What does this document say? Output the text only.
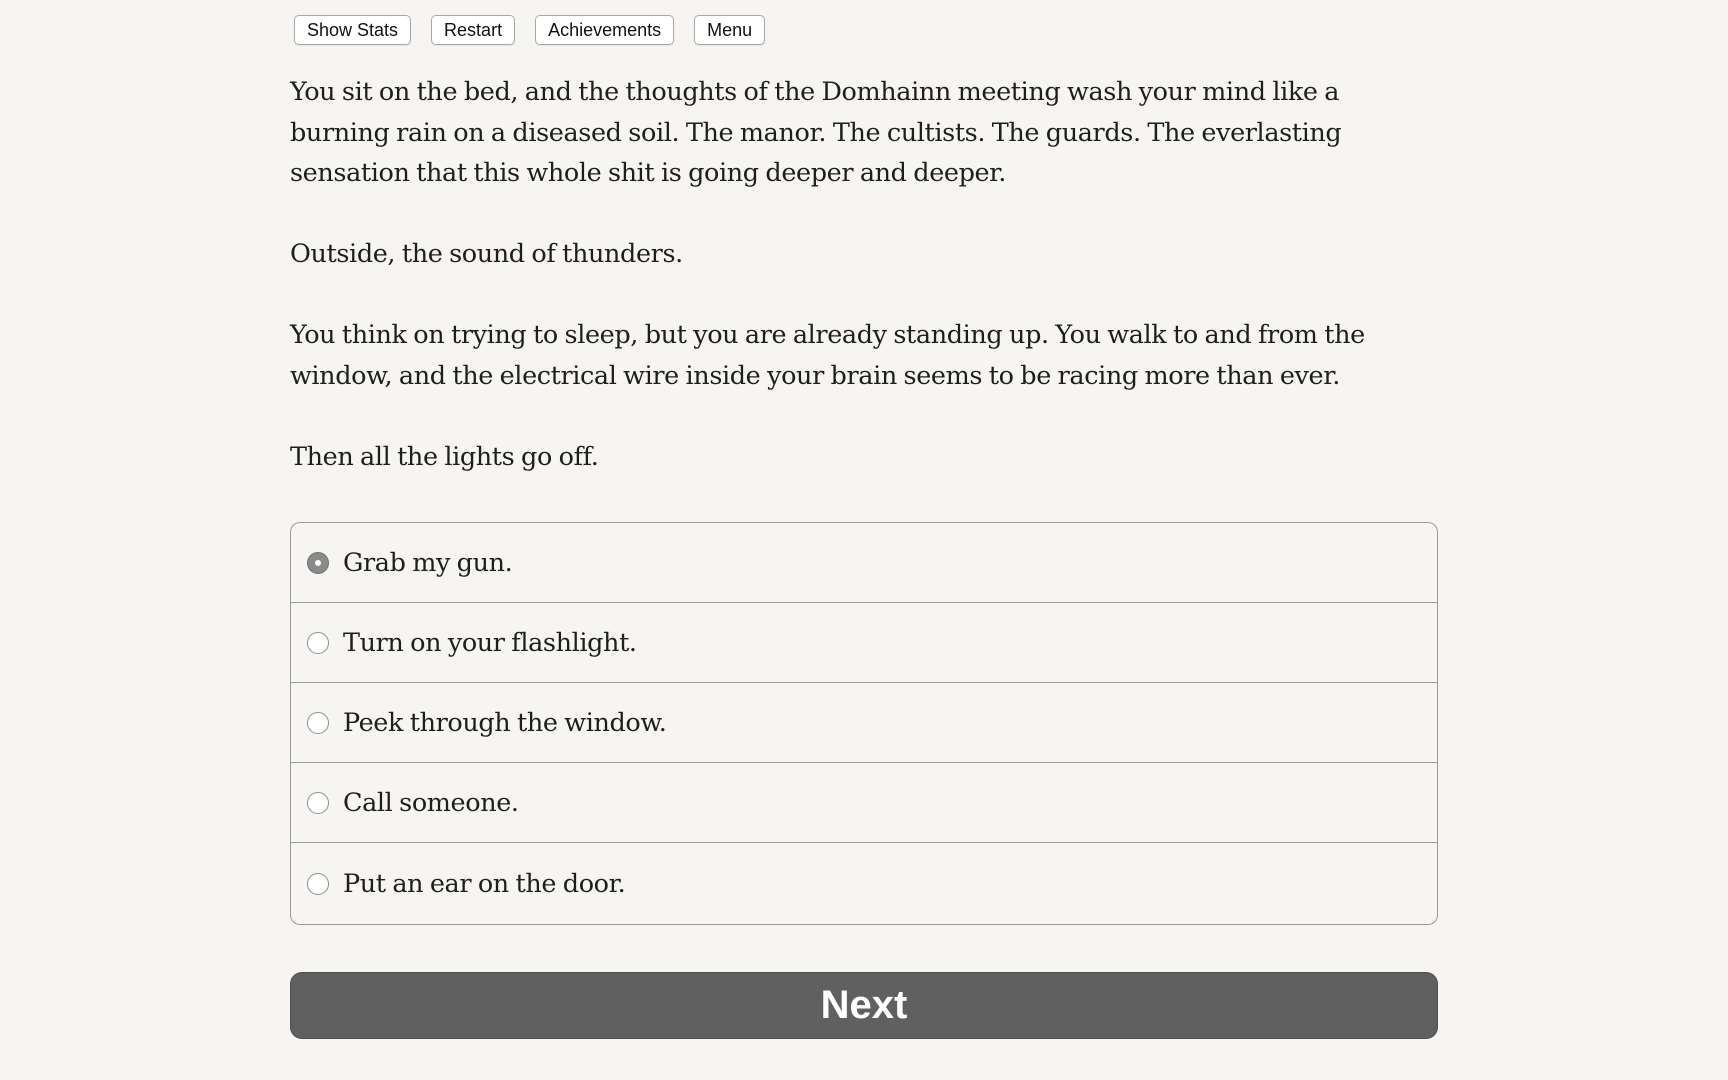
Show Stats	Restart	Achievements	Menu

You sit on the bed, and the thoughts of the Domhainn meeting wash your mind like a burning rain on a diseased soil. The manor. The cultists. The guards. The everlasting sensation that this whole shit is going deeper and deeper.

Outside, the sound of thunders.

You think on trying to sleep, but you are already standing up. You walk to and from the window, and the electrical wire inside your brain seems to be racing more than ever.

Then all the lights go off.

Grab my gun.
Turn on your flashlight.
Peek through the window.
Call someone.
Put an ear on the door.
Next
